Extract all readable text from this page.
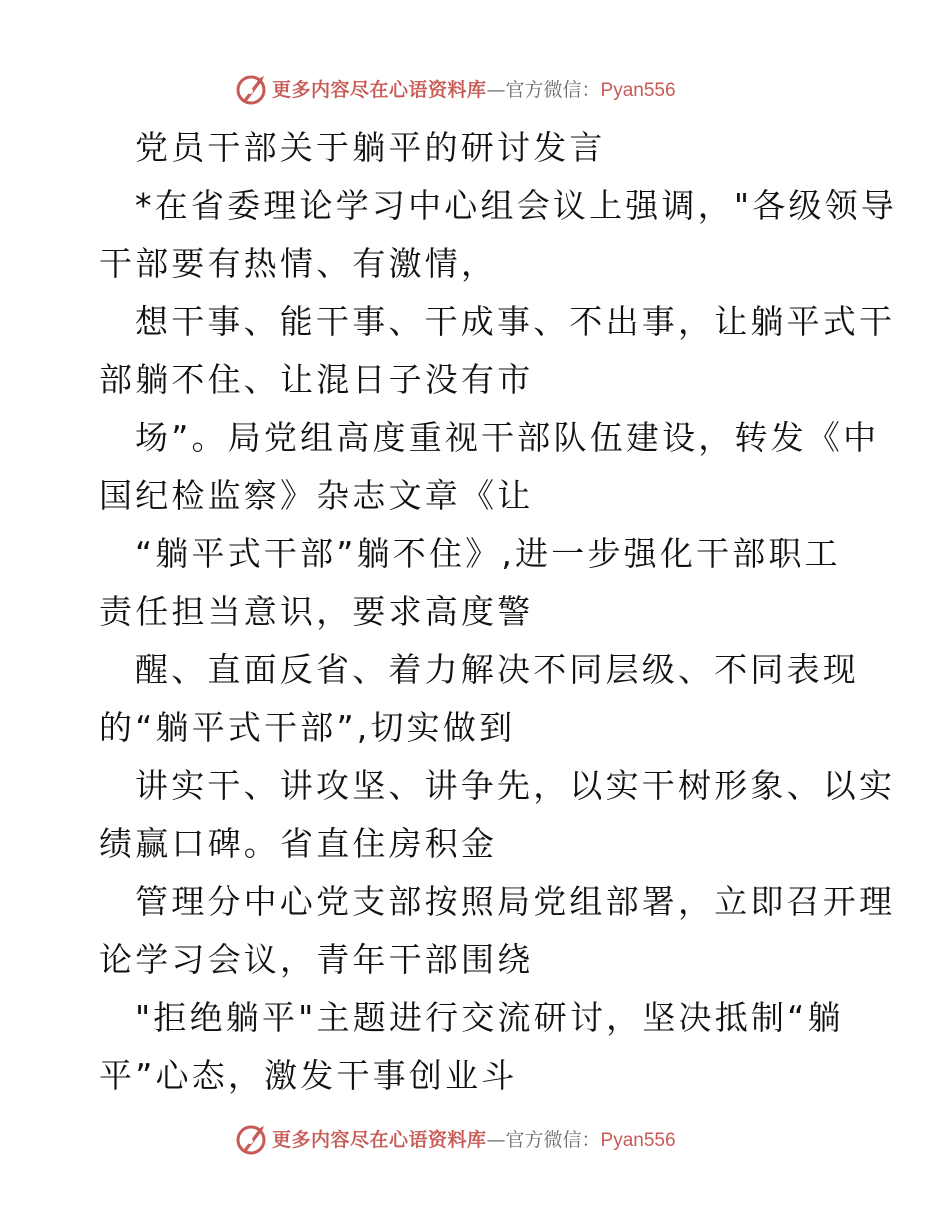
更多内容尽在心语资料库—官方微信：Pyan556
党员干部关于躺平的研讨发言
*在省委理论学习中心组会议上强调，"各级领导
干部要有热情、有激情，
想干事、能干事、干成事、不出事，让躺平式干
部躺不住、让混日子没有市
场”。局党组高度重视干部队伍建设，转发《中
国纪检监察》杂志文章《让
“躺平式干部”躺不住》,进一步强化干部职工
责任担当意识，要求高度警
醒、直面反省、着力解决不同层级、不同表现
的“躺平式干部”,切实做到
讲实干、讲攻坚、讲争先，以实干树形象、以实
绩赢口碑。省直住房积金
管理分中心党支部按照局党组部署，立即召开理
论学习会议，青年干部围绕
"拒绝躺平"主题进行交流研讨，坚决抵制“躺
平”心态，激发干事创业斗
更多内容尽在心语资料库—官方微信：Pyan556
